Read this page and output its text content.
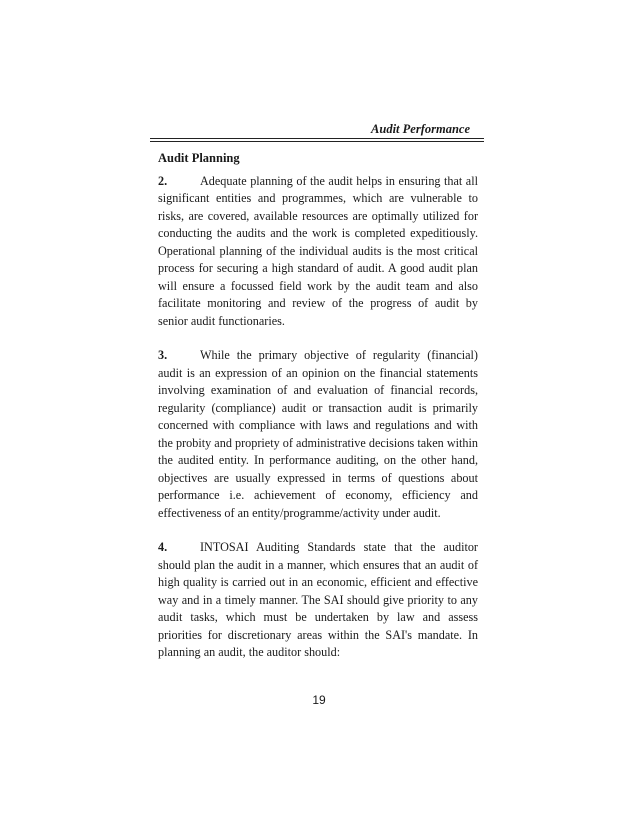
Audit Performance
Audit Planning

2.	Adequate planning of the audit helps in ensuring that all significant entities and programmes, which are vulnerable to risks, are covered, available resources are optimally utilized for conducting the audits and the work is completed expeditiously. Operational planning of the individual audits is the most critical process for securing a high standard of audit. A good audit plan will ensure a focussed field work by the audit team and also facilitate monitoring and review of the progress of audit by senior audit functionaries.

3.	While the primary objective of regularity (financial) audit is an expression of an opinion on the financial statements involving examination of and evaluation of financial records, regularity (compliance) audit or transaction audit is primarily concerned with compliance with laws and regulations and with the probity and propriety of administrative decisions taken within the audited entity. In performance auditing, on the other hand, objectives are usually expressed in terms of questions about performance i.e. achievement of economy, efficiency and effectiveness of an entity/programme/activity under audit.

4.	INTOSAI Auditing Standards state that the auditor should plan the audit in a manner, which ensures that an audit of high quality is carried out in an economic, efficient and effective way and in a timely manner. The SAI should give priority to any audit tasks, which must be undertaken by law and assess priorities for discretionary areas within the SAI's mandate. In planning an audit, the auditor should:

19
